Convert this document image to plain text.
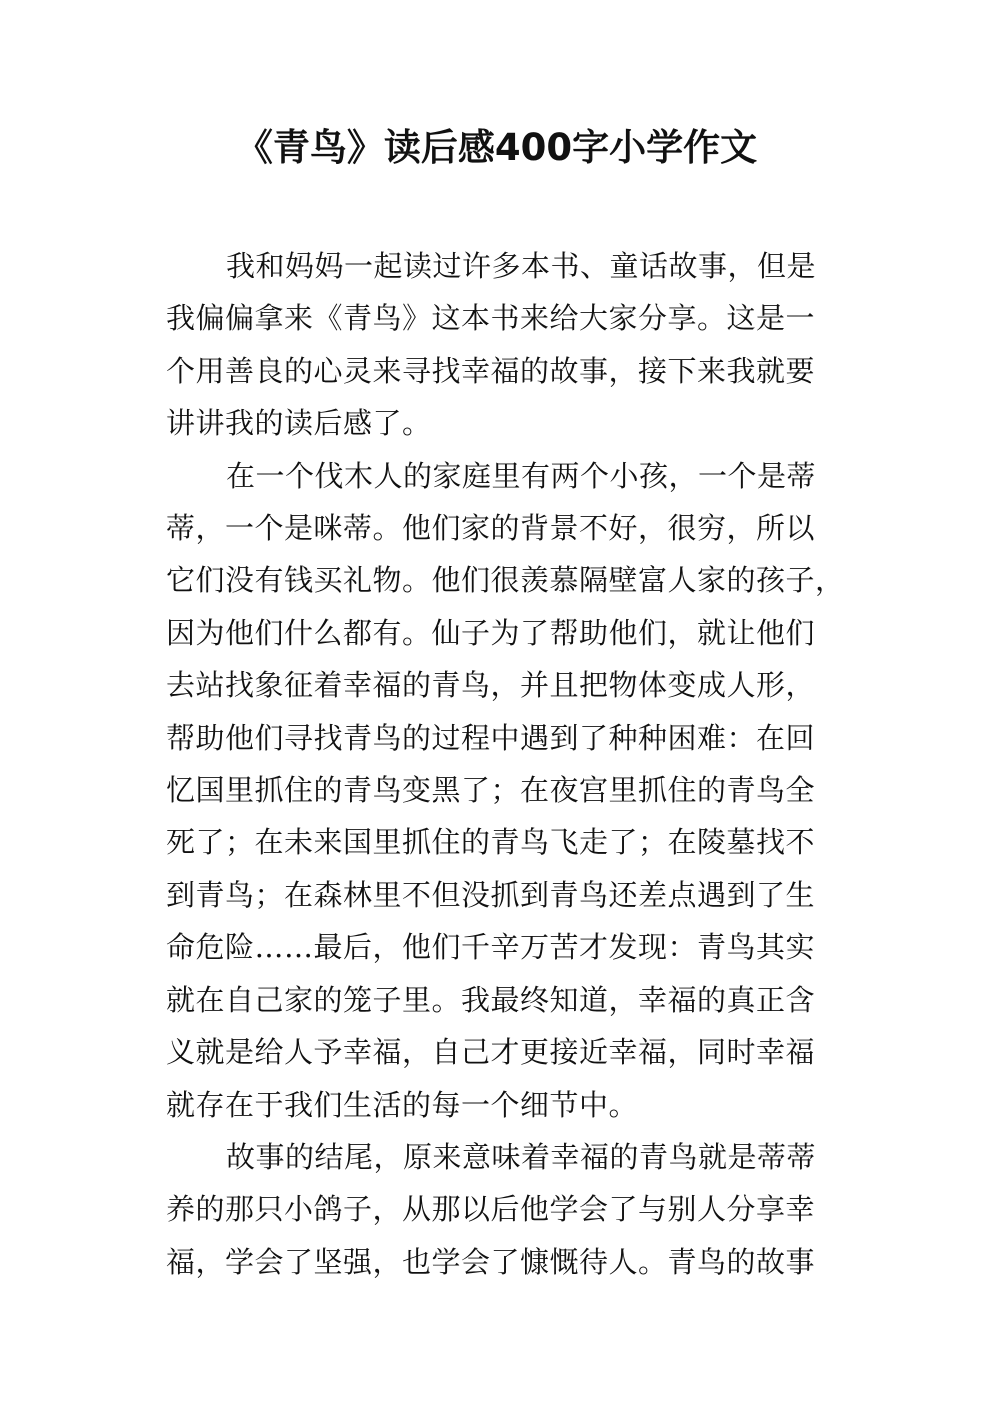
《青鸟》读后感400字小学作文

我和妈妈一起读过许多本书、童话故事，但是
我偏偏拿来《青鸟》这本书来给大家分享。这是一
个用善良的心灵来寻找幸福的故事，接下来我就要
讲讲我的读后感了。

在一个伐木人的家庭里有两个小孩，一个是蒂
蒂，一个是咪蒂。他们家的背景不好，很穷，所以
它们没有钱买礼物。他们很羡慕隔壁富人家的孩子，
因为他们什么都有。仙子为了帮助他们，就让他们
去站找象征着幸福的青鸟，并且把物体变成人形，
帮助他们寻找青鸟的过程中遇到了种种困难：在回
忆国里抓住的青鸟变黑了；在夜宫里抓住的青鸟全
死了；在未来国里抓住的青鸟飞走了；在陵墓找不
到青鸟；在森林里不但没抓到青鸟还差点遇到了生
命危险……最后，他们千辛万苦才发现：青鸟其实
就在自己家的笼子里。我最终知道，幸福的真正含
义就是给人予幸福，自己才更接近幸福，同时幸福
就存在于我们生活的每一个细节中。

故事的结尾，原来意味着幸福的青鸟就是蒂蒂
养的那只小鸽子，从那以后他学会了与别人分享幸
福，学会了坚强，也学会了慷慨待人。青鸟的故事
